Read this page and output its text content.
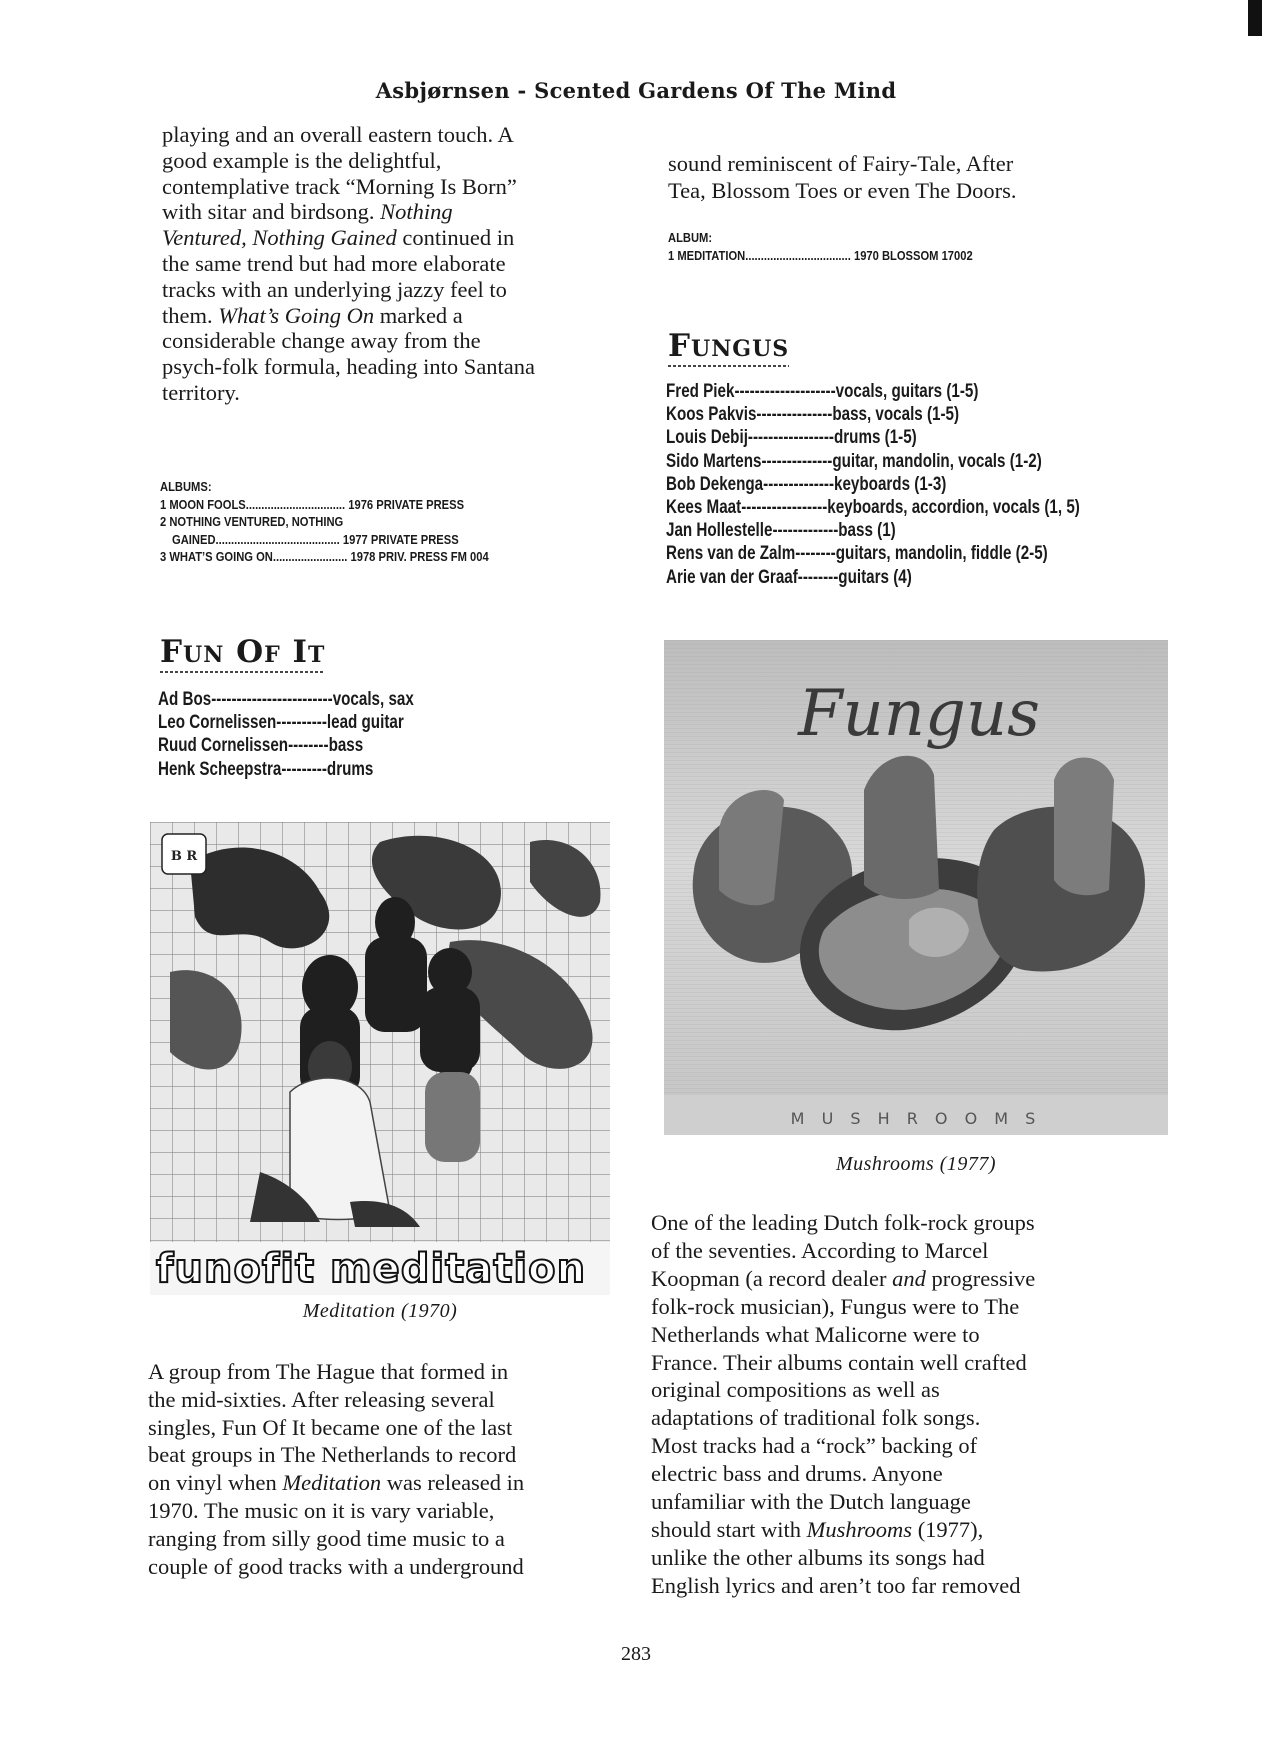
Asbjørnsen - Scented Gardens Of The Mind

playing and an overall eastern touch. A
good example is the delightful,
contemplative track “Morning Is Born”
with sitar and birdsong. Nothing
Ventured, Nothing Gained continued in
the same trend but had more elaborate
tracks with an underlying jazzy feel to
them. What’s Going On marked a
considerable change away from the
psych-folk formula, heading into Santana
territory.

ALBUMS:
1 MOON FOOLS................................ 1976 PRIVATE PRESS
2 NOTHING VENTURED, NOTHING
GAINED........................................ 1977 PRIVATE PRESS
3 WHAT’S GOING ON........................ 1978 PRIV. PRESS FM 004
Fun Of It
Ad Bos------------------------vocals, sax
Leo Cornelissen----------lead guitar
Ruud Cornelissen--------bass
Henk Scheepstra---------drums
B R
funofit meditation
Meditation (1970)

A group from The Hague that formed in
the mid-sixties. After releasing several
singles, Fun Of It became one of the last
beat groups in The Netherlands to record
on vinyl when Meditation was released in
1970. The music on it is vary variable,
ranging from silly good time music to a
couple of good tracks with a underground

sound reminiscent of Fairy-Tale, After
Tea, Blossom Toes or even The Doors.

ALBUM:
1 MEDITATION.................................. 1970 BLOSSOM 17002
Fungus
Fred Piek--------------------vocals, guitars (1-5)
Koos Pakvis---------------bass, vocals (1-5)
Louis Debij-----------------drums (1-5)
Sido Martens--------------guitar, mandolin, vocals (1-2)
Bob Dekenga--------------keyboards (1-3)
Kees Maat-----------------keyboards, accordion, vocals (1, 5)
Jan Hollestelle-------------bass (1)
Rens van de Zalm--------guitars, mandolin, fiddle (2-5)
Arie van der Graaf--------guitars (4)
Fungus
M U S H R O O M S
Mushrooms (1977)

One of the leading Dutch folk-rock groups
of the seventies. According to Marcel
Koopman (a record dealer and progressive
folk-rock musician), Fungus were to The
Netherlands what Malicorne were to
France. Their albums contain well crafted
original compositions as well as
adaptations of traditional folk songs.
Most tracks had a “rock” backing of
electric bass and drums. Anyone
unfamiliar with the Dutch language
should start with Mushrooms (1977),
unlike the other albums its songs had
English lyrics and aren’t too far removed

283
